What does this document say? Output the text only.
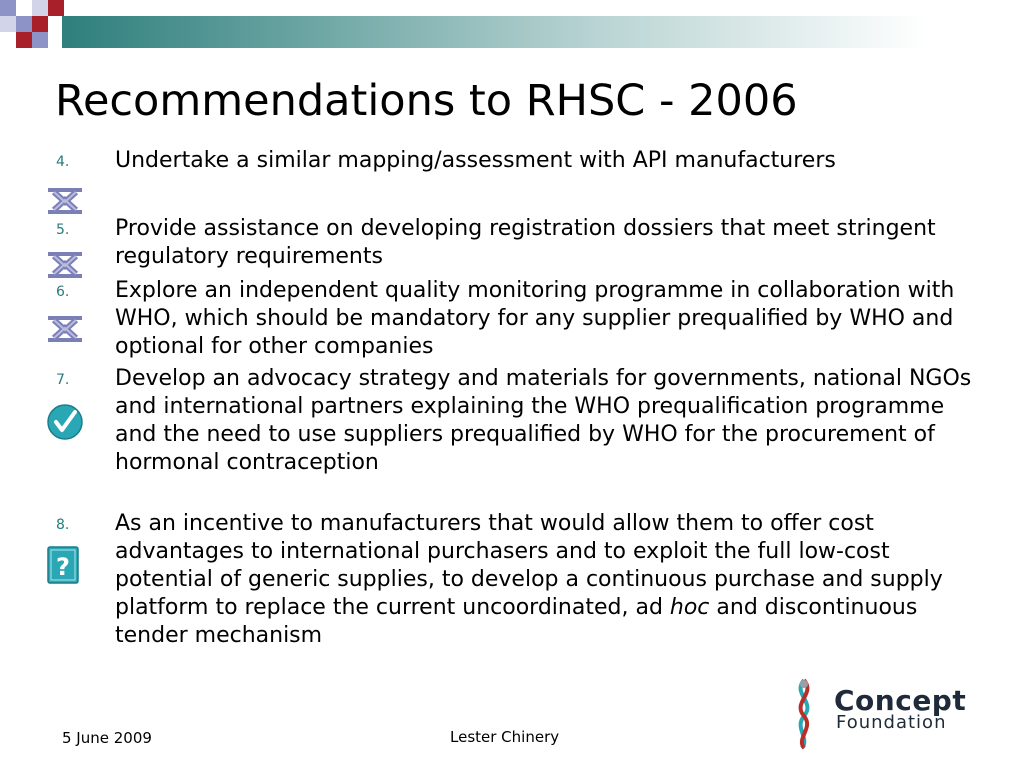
Recommendations to RHSC - 2006
4. Undertake a similar mapping/assessment with API manufacturers
5. Provide assistance on developing registration dossiers that meet stringent regulatory requirements
6. Explore an independent quality monitoring programme in collaboration with WHO, which should be mandatory for any supplier prequalified by WHO and optional for other companies
7. Develop an advocacy strategy and materials for governments, national NGOs and international partners explaining the WHO prequalification programme and the need to use suppliers prequalified by WHO for the procurement of hormonal contraception
8. As an incentive to manufacturers that would allow them to offer cost advantages to international purchasers and to exploit the full low-cost potential of generic supplies, to develop a continuous purchase and supply platform to replace the current uncoordinated, ad hoc and discontinuous tender mechanism
?
5 June 2009	Lester Chinery
Concept
Foundation
